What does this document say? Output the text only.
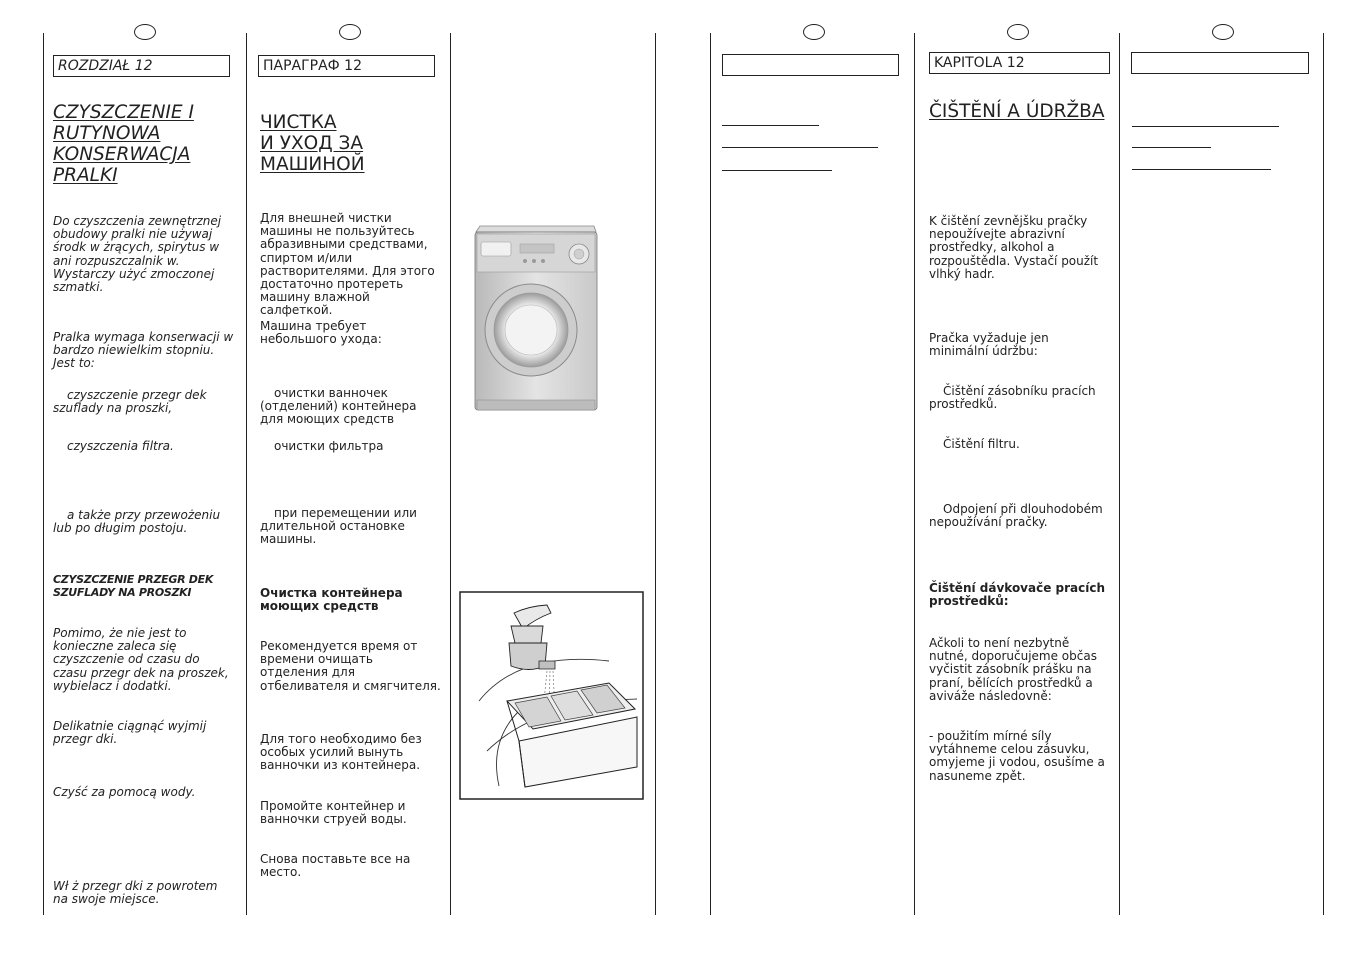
ROZDZIAŁ 12
CZYSZCZENIE I
RUTYNOWA
KONSERWACJA
PRALKI
Do czyszczenia zewnętrznej obudowy pralki nie używaj środk w żrących, spirytus w ani rozpuszczalnik w. Wystarczy użyć zmoczonej szmatki.
Pralka wymaga konserwacji w bardzo niewielkim stopniu. Jest to:
czyszczenie przegr dek szuflady na proszki,
czyszczenia filtra.
a także przy przewożeniu lub po długim postoju.
CZYSZCZENIE PRZEGR DEK SZUFLADY NA PROSZKI
Pomimo, że nie jest to konieczne zaleca się czyszczenie od czasu do czasu przegr dek na proszek, wybielacz i dodatki.
Delikatnie ciągnąć wyjmij przegr dki.
Czyść za pomocą wody.
Wł ż przegr dki z powrotem na swoje miejsce.
ПАРАГРАФ 12
ЧИСТКА
И УХОД ЗА
МАШИНОЙ
Для внешней чистки машины не пользуйтесь абразивными средствами, спиртом и/или растворителями. Для этого достаточно протереть машину влажной салфеткой.
Машина требует небольшого ухода:
очистки ванночек (отделений) контейнера для моющих средств
очистки фильтра
при перемещении или длительной остановке машины.
Очистка контейнера моющих средств
Рекомендуется время от времени очищать отделения для отбеливателя и смягчителя.
Для того необходимо без особых усилий вынуть ванночки из контейнера.
Промойте контейнер и ванночки струей воды.
Снова поставьте все на место.
KAPITOLA 12
ČIŠTĚNÍ A ÚDRŽBA
K čištění zevnějšku pračky nepoužívejte abrazivní prostředky, alkohol a rozpouštědla. Vystačí použít vlhký hadr.
Pračka vyžaduje jen minimální údržbu:
Čištění zásobníku pracích prostředků.
Čištění filtru.
Odpojení při dlouhodobém nepoužívání pračky.
Čištění dávkovače pracích prostředků:
Ačkoli to není nezbytně nutné, doporučujeme občas vyčistit zásobník prášku na praní, bělících prostředků a aviváže následovně:
- použitím mírné síly vytáhneme celou zásuvku, omyjeme ji vodou, osušíme a nasuneme zpět.
